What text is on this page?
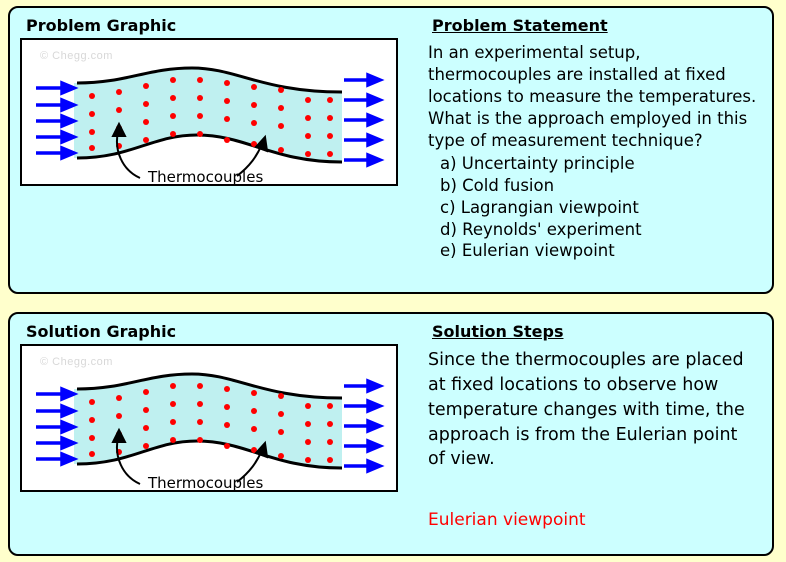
Problem Graphic	Problem Statement
© Chegg.com
Thermocouples
In an experimental setup,
thermocouples are installed at fixed
locations to measure the temperatures.
What is the approach employed in this
type of measurement technique?
a) Uncertainty principle
b) Cold fusion
c) Lagrangian viewpoint
d) Reynolds' experiment
e) Eulerian viewpoint
Solution Graphic	Solution Steps
© Chegg.com
Thermocouples
Since the thermocouples are placed
at fixed locations to observe how
temperature changes with time, the
approach is from the Eulerian point
of view.
Eulerian viewpoint
